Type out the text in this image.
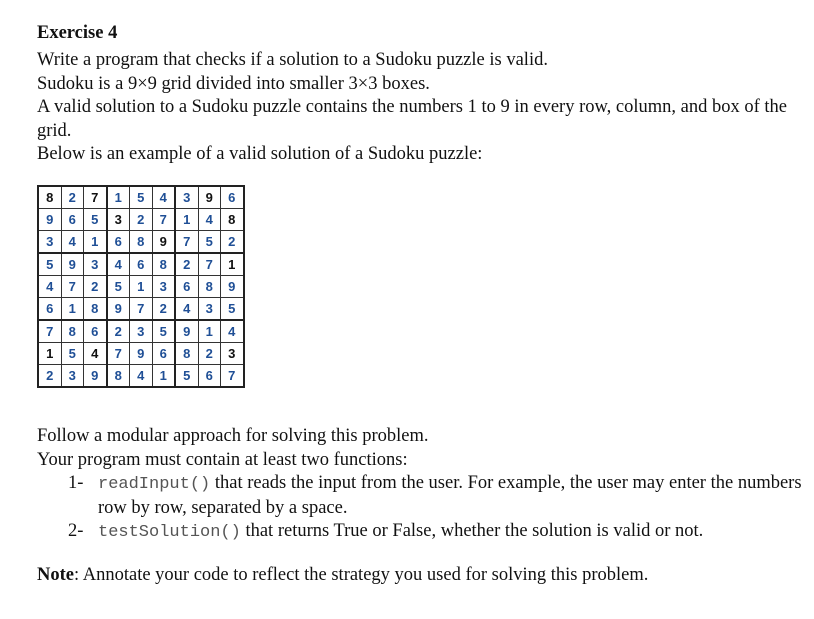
Exercise 4

Write a program that checks if a solution to a Sudoku puzzle is valid.

Sudoku is a 9×9 grid divided into smaller 3×3 boxes.

A valid solution to a Sudoku puzzle contains the numbers 1 to 9 in every row, column, and box of the grid.

Below is an example of a valid solution of a Sudoku puzzle:

8	2	7	1	5	4	3	9	6
9	6	5	3	2	7	1	4	8
3	4	1	6	8	9	7	5	2
5	9	3	4	6	8	2	7	1
4	7	2	5	1	3	6	8	9
6	1	8	9	7	2	4	3	5
7	8	6	2	3	5	9	1	4
1	5	4	7	9	6	8	2	3
2	3	9	8	4	1	5	6	7

Follow a modular approach for solving this problem.

Your program must contain at least two functions:

1- readInput() that reads the input from the user. For example, the user may enter the numbers row by row, separated by a space.
2- testSolution() that returns True or False, whether the solution is valid or not.
Note: Annotate your code to reflect the strategy you used for solving this problem.
